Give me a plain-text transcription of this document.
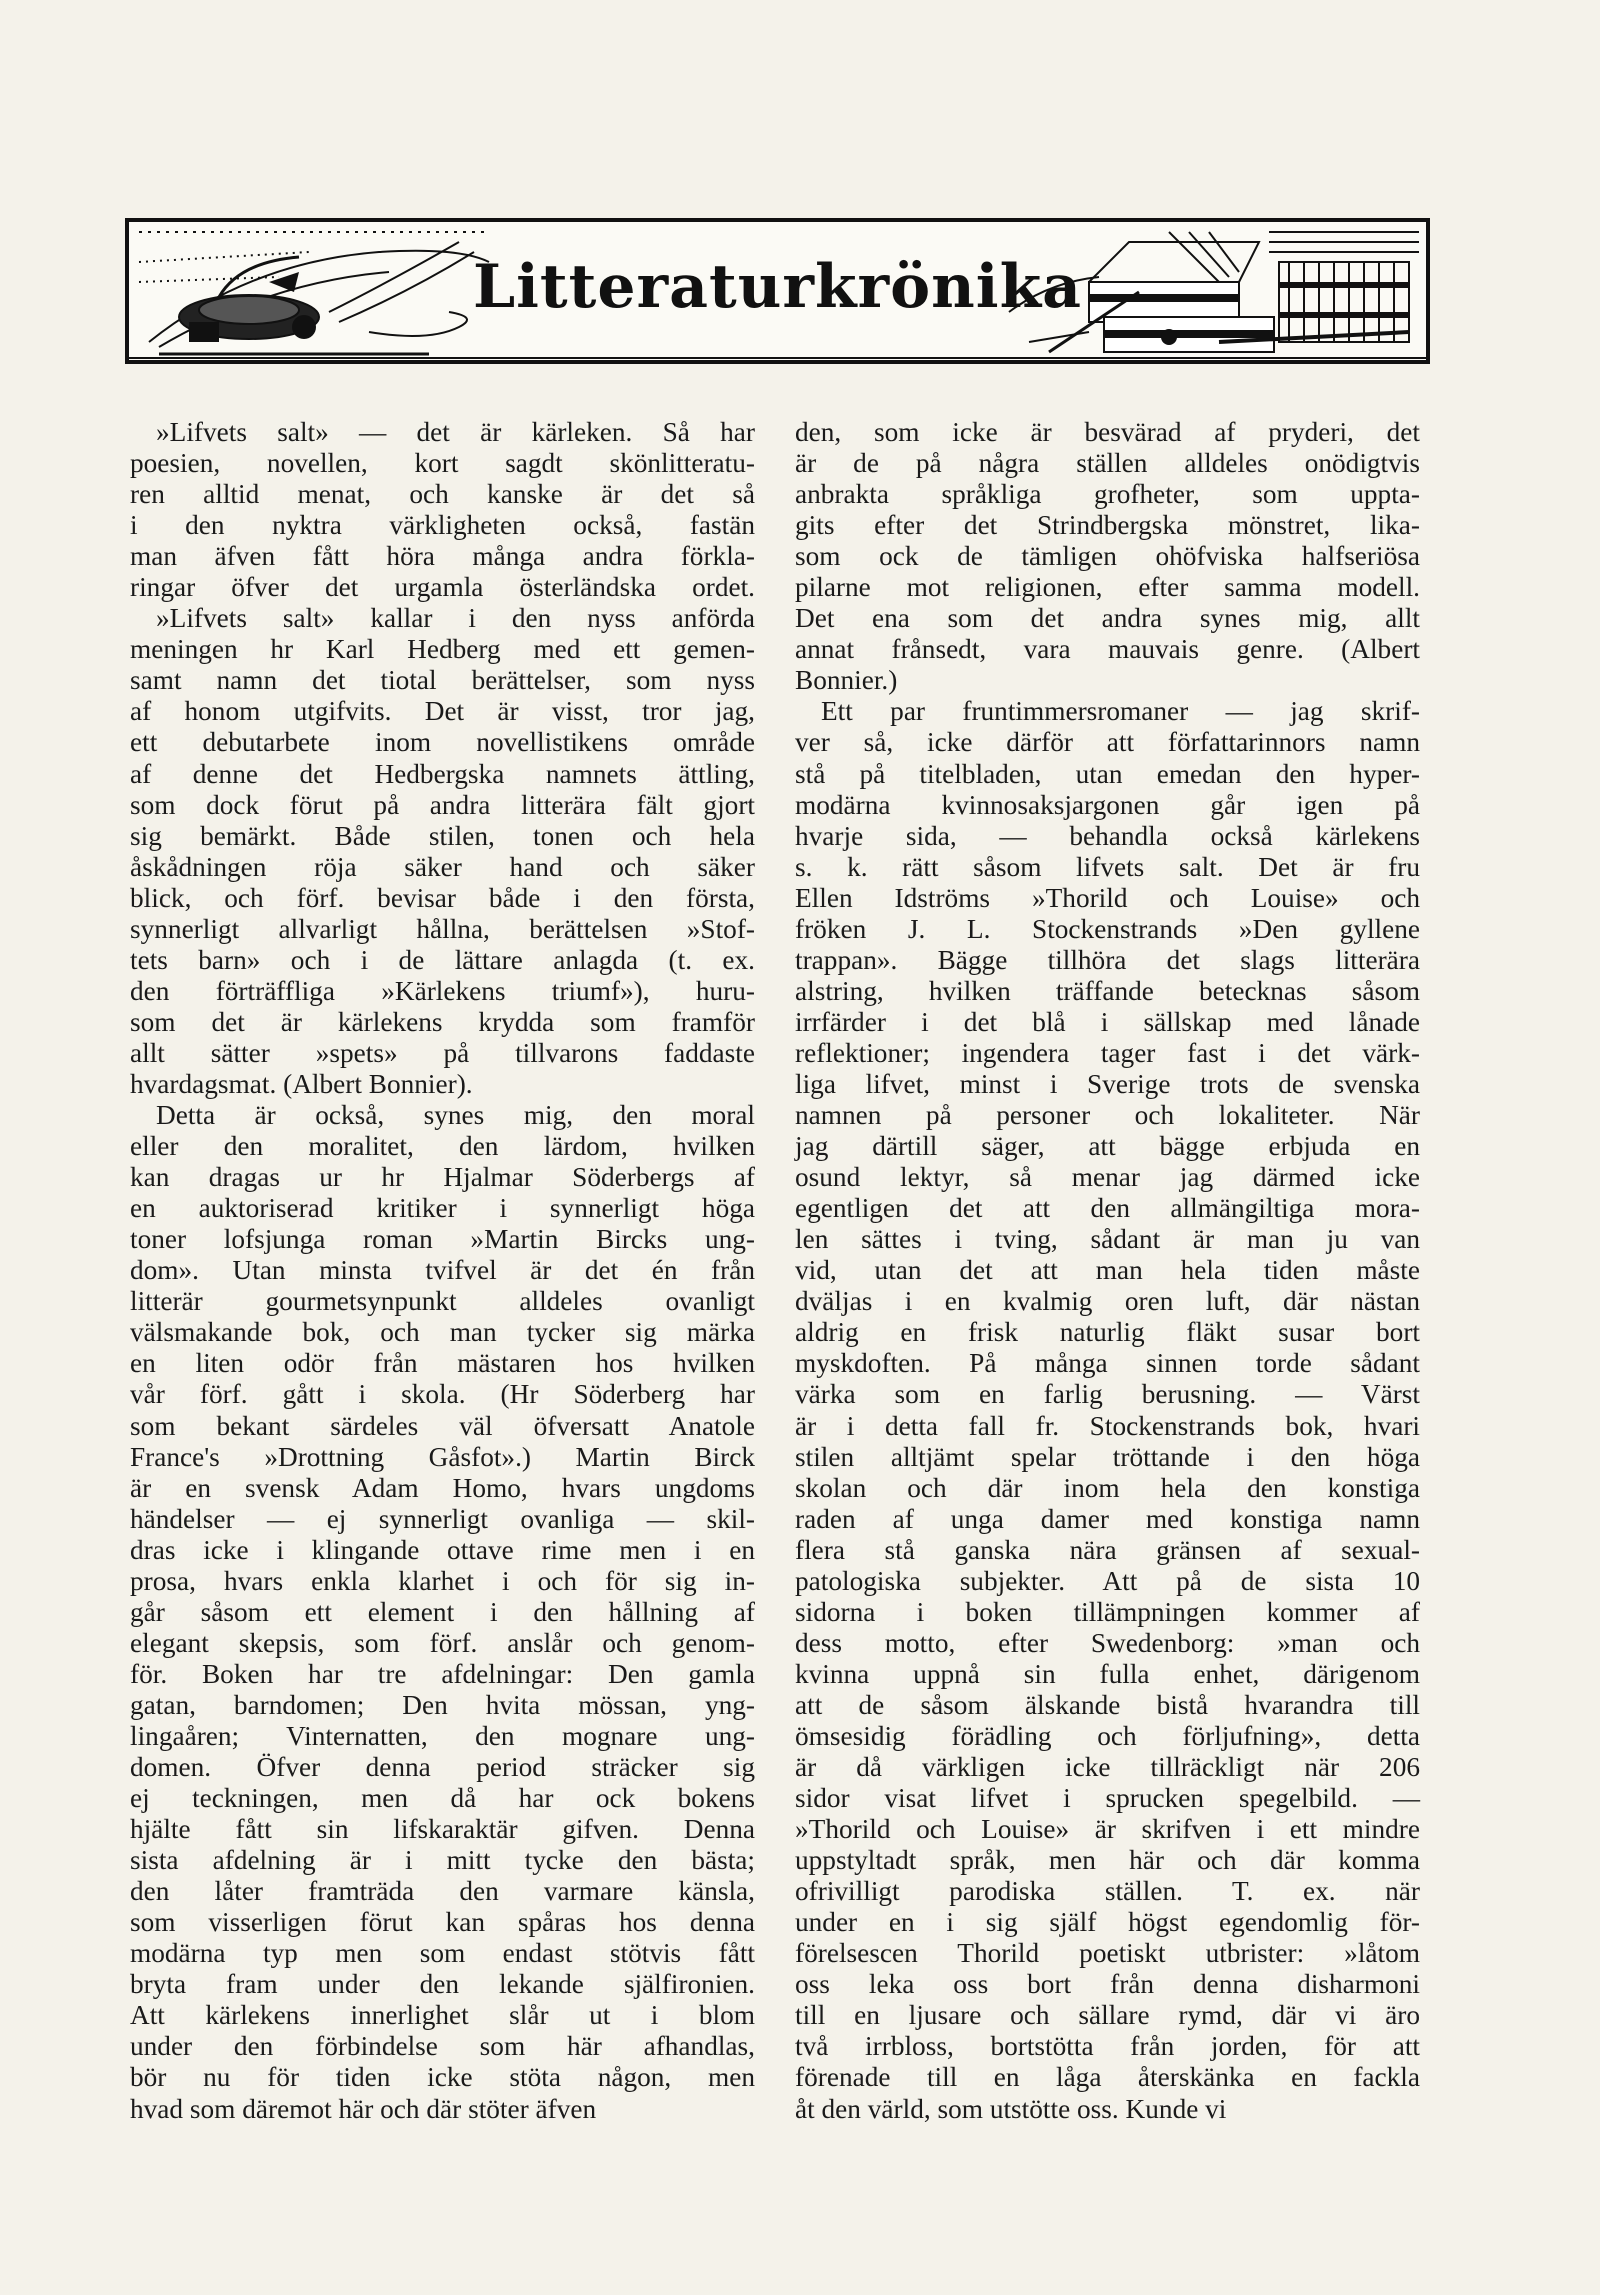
Litteraturkrönika
»Lifvets salt» — det är kärleken. Så har
poesien, novellen, kort sagdt skönlitteratu-
ren alltid menat, och kanske är det så
i den nyktra värkligheten också, fastän
man äfven fått höra många andra förkla-
ringar öfver det urgamla österländska ordet.
»Lifvets salt» kallar i den nyss anförda
meningen hr Karl Hedberg med ett gemen-
samt namn det tiotal berättelser, som nyss
af honom utgifvits. Det är visst, tror jag,
ett debutarbete inom novellistikens område
af denne det Hedbergska namnets ättling,
som dock förut på andra litterära fält gjort
sig bemärkt. Både stilen, tonen och hela
åskådningen röja säker hand och säker
blick, och förf. bevisar både i den första,
synnerligt allvarligt hållna, berättelsen »Stof-
tets barn» och i de lättare anlagda (t. ex.
den förträffliga »Kärlekens triumf»), huru-
som det är kärlekens krydda som framför
allt sätter »spets» på tillvarons faddaste
hvardagsmat. (Albert Bonnier).
Detta är också, synes mig, den moral
eller den moralitet, den lärdom, hvilken
kan dragas ur hr Hjalmar Söderbergs af
en auktoriserad kritiker i synnerligt höga
toner lofsjunga roman »Martin Bircks ung-
dom». Utan minsta tvifvel är det én från
litterär gourmetsynpunkt alldeles ovanligt
välsmakande bok, och man tycker sig märka
en liten odör från mästaren hos hvilken
vår förf. gått i skola. (Hr Söderberg har
som bekant särdeles väl öfversatt Anatole
France's »Drottning Gåsfot».) Martin Birck
är en svensk Adam Homo, hvars ungdoms
händelser — ej synnerligt ovanliga — skil-
dras icke i klingande ottave rime men i en
prosa, hvars enkla klarhet i och för sig in-
går såsom ett element i den hållning af
elegant skepsis, som förf. anslår och genom-
för. Boken har tre afdelningar: Den gamla
gatan, barndomen; Den hvita mössan, yng-
lingaåren; Vinternatten, den mognare ung-
domen. Öfver denna period sträcker sig
ej teckningen, men då har ock bokens
hjälte fått sin lifskaraktär gifven. Denna
sista afdelning är i mitt tycke den bästa;
den låter framträda den varmare känsla,
som visserligen förut kan spåras hos denna
modärna typ men som endast stötvis fått
bryta fram under den lekande själfironien.
Att kärlekens innerlighet slår ut i blom
under den förbindelse som här afhandlas,
bör nu för tiden icke stöta någon, men
hvad som däremot här och där stöter äfven
den, som icke är besvärad af pryderi, det
är de på några ställen alldeles onödigtvis
anbrakta språkliga grofheter, som uppta-
gits efter det Strindbergska mönstret, lika-
som ock de tämligen ohöfviska halfseriösa
pilarne mot religionen, efter samma modell.
Det ena som det andra synes mig, allt
annat frånsedt, vara mauvais genre. (Albert
Bonnier.)
Ett par fruntimmersromaner — jag skrif-
ver så, icke därför att författarinnors namn
stå på titelbladen, utan emedan den hyper-
modärna kvinnosaksjargonen går igen på
hvarje sida, — behandla också kärlekens
s. k. rätt såsom lifvets salt. Det är fru
Ellen Idströms »Thorild och Louise» och
fröken J. L. Stockenstrands »Den gyllene
trappan». Bägge tillhöra det slags litterära
alstring, hvilken träffande betecknas såsom
irrfärder i det blå i sällskap med lånade
reflektioner; ingendera tager fast i det värk-
liga lifvet, minst i Sverige trots de svenska
namnen på personer och lokaliteter. När
jag därtill säger, att bägge erbjuda en
osund lektyr, så menar jag därmed icke
egentligen det att den allmängiltiga mora-
len sättes i tving, sådant är man ju van
vid, utan det att man hela tiden måste
dväljas i en kvalmig oren luft, där nästan
aldrig en frisk naturlig fläkt susar bort
myskdoften. På många sinnen torde sådant
värka som en farlig berusning. — Värst
är i detta fall fr. Stockenstrands bok, hvari
stilen alltjämt spelar tröttande i den höga
skolan och där inom hela den konstiga
raden af unga damer med konstiga namn
flera stå ganska nära gränsen af sexual-
patologiska subjekter. Att på de sista 10
sidorna i boken tillämpningen kommer af
dess motto, efter Swedenborg: »man och
kvinna uppnå sin fulla enhet, därigenom
att de såsom älskande bistå hvarandra till
ömsesidig förädling och förljufning», detta
är då värkligen icke tillräckligt när 206
sidor visat lifvet i sprucken spegelbild. —
»Thorild och Louise» är skrifven i ett mindre
uppstyltadt språk, men här och där komma
ofrivilligt parodiska ställen. T. ex. när
under en i sig själf högst egendomlig för-
förelsescen Thorild poetiskt utbrister: »låtom
oss leka oss bort från denna disharmoni
till en ljusare och sällare rymd, där vi äro
två irrbloss, bortstötta från jorden, för att
förenade till en låga återskänka en fackla
åt den värld, som utstötte oss. Kunde vi
